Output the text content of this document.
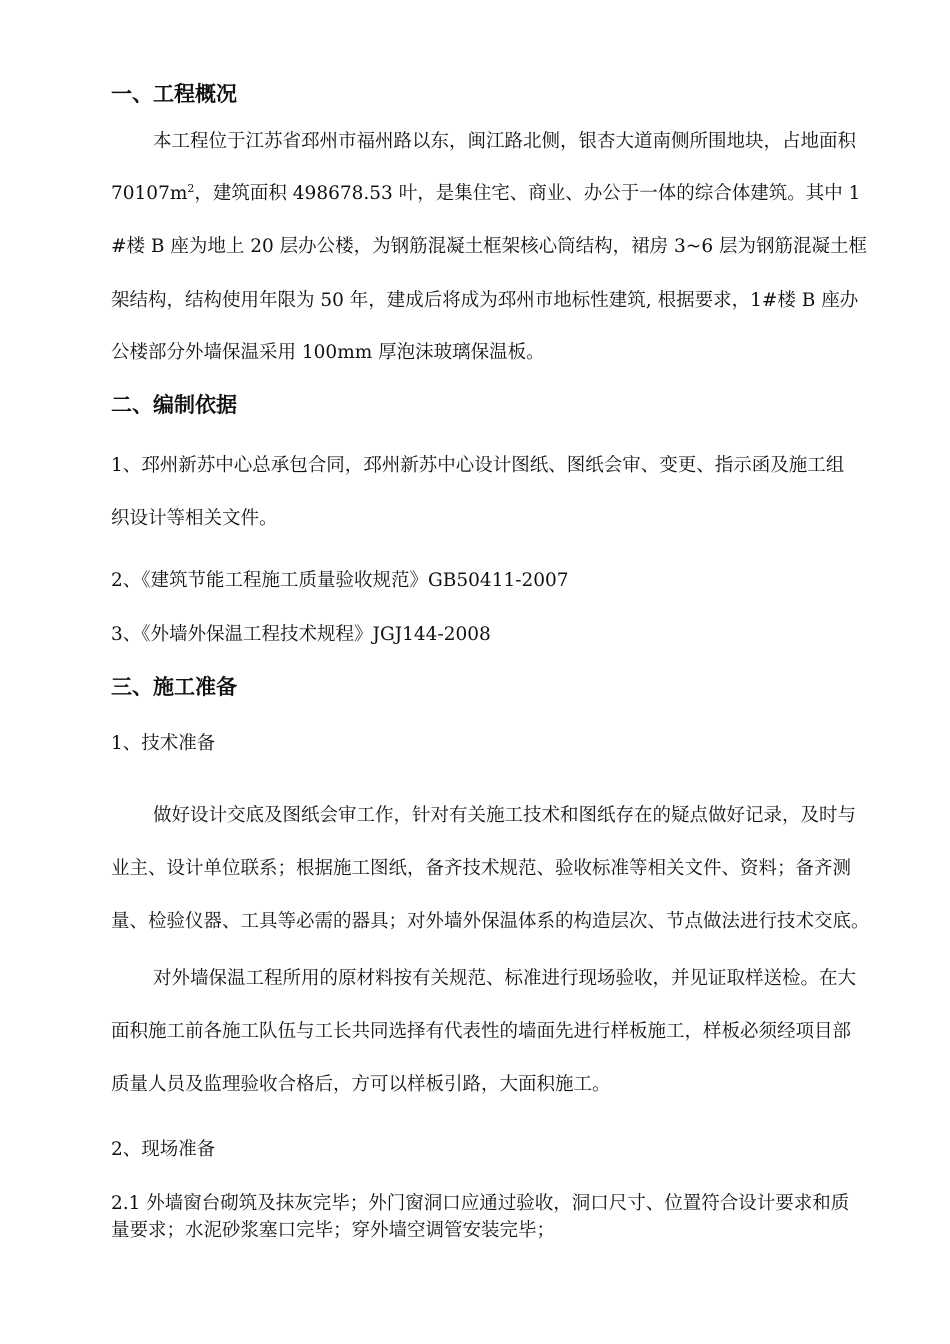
一、工程概况
本工程位于江苏省邳州市福州路以东，闽江路北侧，银杏大道南侧所围地块，占地面积
$70107m^2$，建筑面积 498678.53 叶，是集住宅、商业、办公于一体的综合体建筑。其中 1
#楼 B 座为地上 20 层办公楼，为钢筋混凝土框架核心筒结构，裙房 3~6 层为钢筋混凝土框
架结构，结构使用年限为 50 年，建成后将成为邳州市地标性建筑, 根据要求，1#楼 B 座办
公楼部分外墙保温采用 100mm 厚泡沫玻璃保温板。
二、编制依据
1、邳州新苏中心总承包合同，邳州新苏中心设计图纸、图纸会审、变更、指示函及施工组
织设计等相关文件。
2、《建筑节能工程施工质量验收规范》GB50411-2007
3、《外墙外保温工程技术规程》JGJ144-2008
三、施工准备
1、技术准备
做好设计交底及图纸会审工作，针对有关施工技术和图纸存在的疑点做好记录，及时与
业主、设计单位联系；根据施工图纸，备齐技术规范、验收标准等相关文件、资料；备齐测
量、检验仪器、工具等必需的器具；对外墙外保温体系的构造层次、节点做法进行技术交底。
对外墙保温工程所用的原材料按有关规范、标准进行现场验收，并见证取样送检。在大
面积施工前各施工队伍与工长共同选择有代表性的墙面先进行样板施工，样板必须经项目部
质量人员及监理验收合格后，方可以样板引路，大面积施工。
2、现场准备
2.1 外墙窗台砌筑及抹灰完毕；外门窗洞口应通过验收，洞口尺寸、位置符合设计要求和质
量要求；水泥砂浆塞口完毕；穿外墙空调管安装完毕；
